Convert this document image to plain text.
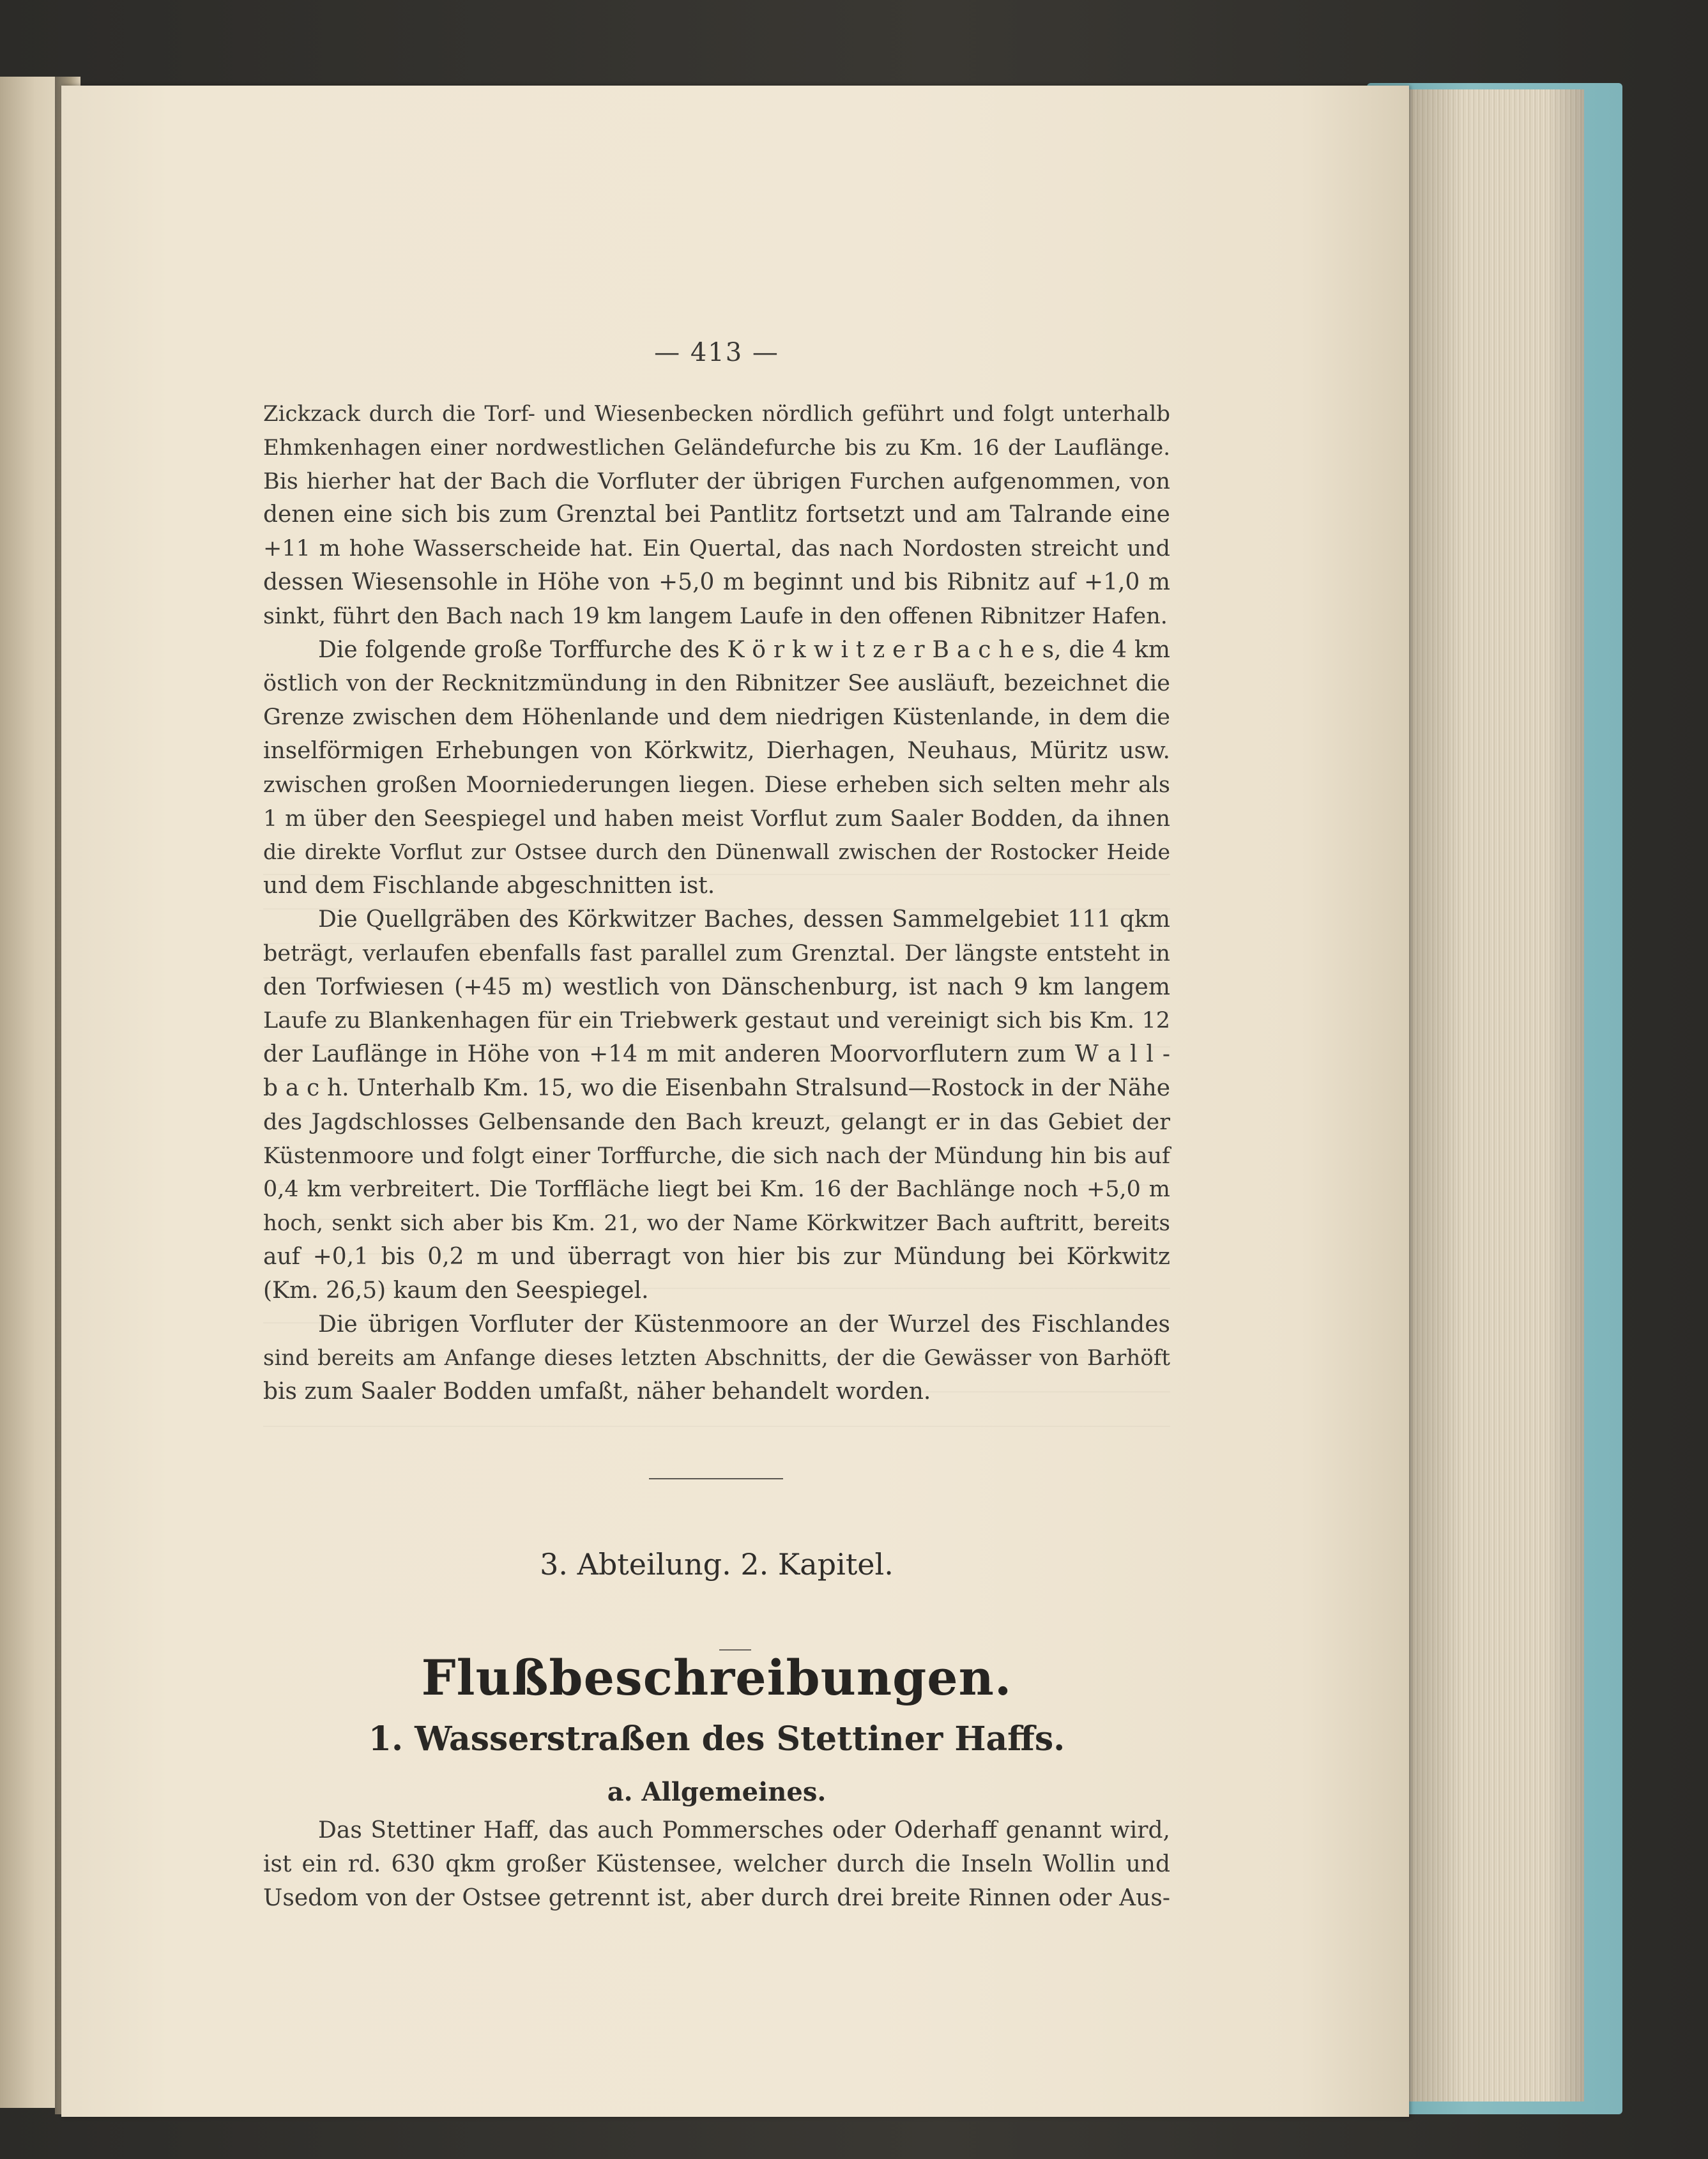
— 413 —
Zickzack durch die Torf- und Wiesenbecken nördlich geführt und folgt unterhalb
Ehmkenhagen einer nordwestlichen Geländefurche bis zu Km. 16 der Lauflänge.
Bis hierher hat der Bach die Vorfluter der übrigen Furchen aufgenommen, von
denen eine sich bis zum Grenztal bei Pantlitz fortsetzt und am Talrande eine
+11 m hohe Wasserscheide hat. Ein Quertal, das nach Nordosten streicht und
dessen Wiesensohle in Höhe von +5,0 m beginnt und bis Ribnitz auf +1,0 m
sinkt, führt den Bach nach 19 km langem Laufe in den offenen Ribnitzer Hafen.
Die folgende große Torffurche des K ö r k w i t z e r B a c h e s, die 4 km
östlich von der Recknitzmündung in den Ribnitzer See ausläuft, bezeichnet die
Grenze zwischen dem Höhenlande und dem niedrigen Küstenlande, in dem die
inselförmigen Erhebungen von Körkwitz, Dierhagen, Neuhaus, Müritz usw.
zwischen großen Moorniederungen liegen. Diese erheben sich selten mehr als
1 m über den Seespiegel und haben meist Vorflut zum Saaler Bodden, da ihnen
die direkte Vorflut zur Ostsee durch den Dünenwall zwischen der Rostocker Heide
und dem Fischlande abgeschnitten ist.
Die Quellgräben des Körkwitzer Baches, dessen Sammelgebiet 111 qkm
beträgt, verlaufen ebenfalls fast parallel zum Grenztal. Der längste entsteht in
den Torfwiesen (+45 m) westlich von Dänschenburg, ist nach 9 km langem
Laufe zu Blankenhagen für ein Triebwerk gestaut und vereinigt sich bis Km. 12
der Lauflänge in Höhe von +14 m mit anderen Moorvorflutern zum W a l l -
b a c h. Unterhalb Km. 15, wo die Eisenbahn Stralsund—Rostock in der Nähe
des Jagdschlosses Gelbensande den Bach kreuzt, gelangt er in das Gebiet der
Küstenmoore und folgt einer Torffurche, die sich nach der Mündung hin bis auf
0,4 km verbreitert. Die Torffläche liegt bei Km. 16 der Bachlänge noch +5,0 m
hoch, senkt sich aber bis Km. 21, wo der Name Körkwitzer Bach auftritt, bereits
auf +0,1 bis 0,2 m und überragt von hier bis zur Mündung bei Körkwitz
(Km. 26,5) kaum den Seespiegel.
Die übrigen Vorfluter der Küstenmoore an der Wurzel des Fischlandes
sind bereits am Anfange dieses letzten Abschnitts, der die Gewässer von Barhöft
bis zum Saaler Bodden umfaßt, näher behandelt worden.
3. Abteilung. 2. Kapitel.
Flußbeschreibungen.
1. Wasserstraßen des Stettiner Haffs.
a. Allgemeines.
Das Stettiner Haff, das auch Pommersches oder Oderhaff genannt wird,
ist ein rd. 630 qkm großer Küstensee, welcher durch die Inseln Wollin und
Usedom von der Ostsee getrennt ist, aber durch drei breite Rinnen oder Aus-
